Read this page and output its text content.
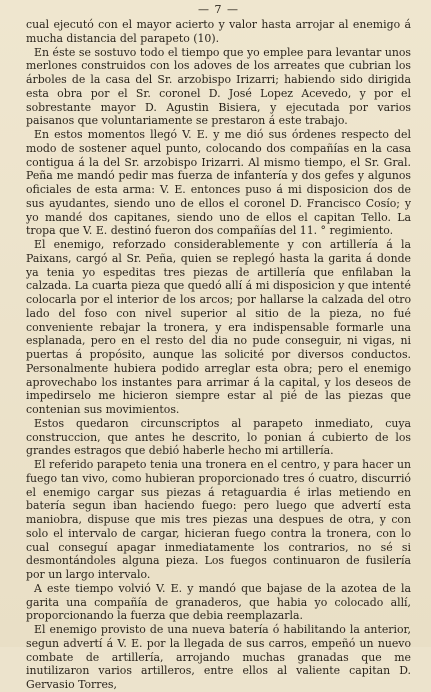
— 7 —

cual ejecutó con el mayor acierto y valor hasta arrojar al enemigo á mucha distancia del parapeto (10).

En éste se sostuvo todo el tiempo que yo emplee para levantar unos merlones construidos con los adoves de los arreates que cubrian los árboles de la casa del Sr. arzobispo Irizarri; habiendo sido dirigida esta obra por el Sr. coronel D. José Lopez Acevedo, y por el sobrestante mayor D. Agustin Bisiera, y ejecutada por varios paisanos que voluntariamente se prestaron á este trabajo.

En estos momentos llegó V. E. y me dió sus órdenes respecto del modo de sostener aquel punto, colocando dos compañías en la casa contigua á la del Sr. arzobispo Irizarri. Al mismo tiempo, el Sr. Gral. Peña me mandó pedir mas fuerza de infantería y dos gefes y algunos oficiales de esta arma: V. E. entonces puso á mi disposicion dos de sus ayudantes, siendo uno de ellos el coronel D. Francisco Cosío; y yo mandé dos capitanes, siendo uno de ellos el capitan Tello. La tropa que V. E. destinó fueron dos compañías del 11. ° regimiento.

El enemigo, reforzado considerablemente y con artillería á la Paixans, cargó al Sr. Peña, quien se replegó hasta la garita á donde ya tenia yo espeditas tres piezas de artillería que enfilaban la calzada. La cuarta pieza que quedó allí á mi disposicion y que intenté colocarla por el interior de los arcos; por hallarse la calzada del otro lado del foso con nivel superior al sitio de la pieza, no fué conveniente rebajar la tronera, y era indispensable formarle una esplanada, pero en el resto del dia no pude conseguir, ni vigas, ni puertas á propósito, aunque las solicité por diversos conductos. Personalmente hubiera podido arreglar esta obra; pero el enemigo aprovechabo los instantes para arrimar á la capital, y los deseos de impedirselo me hicieron siempre estar al pié de las piezas que contenian sus movimientos.

Estos quedaron circunscriptos al parapeto inmediato, cuya construccion, que antes he descrito, lo ponian á cubierto de los grandes estragos que debió haberle hecho mi artillería.

El referido parapeto tenia una tronera en el centro, y para hacer un fuego tan vivo, como hubieran proporcionado tres ó cuatro, discurrió el enemigo cargar sus piezas á retaguardia é irlas metiendo en batería segun iban haciendo fuego: pero luego que advertí esta maniobra, dispuse que mis tres piezas una despues de otra, y con solo el intervalo de cargar, hicieran fuego contra la tronera, con lo cual conseguí apagar inmediatamente los contrarios, no sé si desmontándoles alguna pieza. Los fuegos continuaron de fusilería por un largo intervalo.

A este tiempo volvió V. E. y mandó que bajase de la azotea de la garita una compañía de granaderos, que habia yo colocado allí, proporcionando la fuerza que debia reemplazarla.

El enemigo provisto de una nueva batería ó habilitando la anterior, segun advertí á V. E. por la llegada de sus carros, empeñó un nuevo combate de artillería, arrojando muchas granadas que me inutilizaron varios artilleros, entre ellos al valiente capitan D. Gervasio Torres,
